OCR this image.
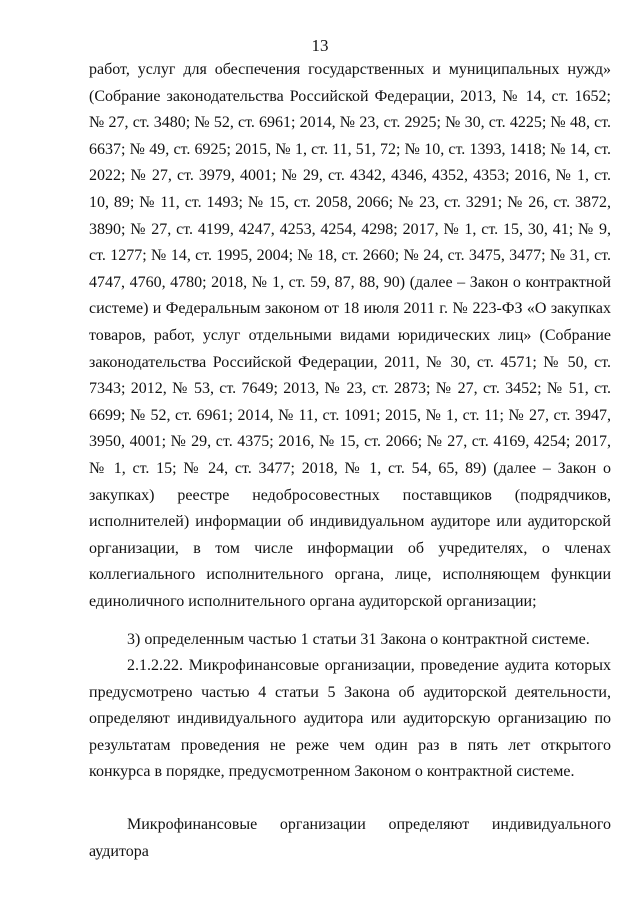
13

работ, услуг для обеспечения государственных и муниципальных нужд» (Собрание законодательства Российской Федерации, 2013, № 14, ст. 1652; № 27, ст. 3480; № 52, ст. 6961; 2014, № 23, ст. 2925; № 30, ст. 4225; № 48, ст. 6637; № 49, ст. 6925; 2015, № 1, ст. 11, 51, 72; № 10, ст. 1393, 1418; № 14, ст. 2022; № 27, ст. 3979, 4001; № 29, ст. 4342, 4346, 4352, 4353; 2016, № 1, ст. 10, 89; № 11, ст. 1493; № 15, ст. 2058, 2066; № 23, ст. 3291; № 26, ст. 3872, 3890; № 27, ст. 4199, 4247, 4253, 4254, 4298; 2017, № 1, ст. 15, 30, 41; № 9, ст. 1277; № 14, ст. 1995, 2004; № 18, ст. 2660; № 24, ст. 3475, 3477; № 31, ст. 4747, 4760, 4780; 2018, № 1, ст. 59, 87, 88, 90) (далее – Закон о контрактной системе) и Федеральным законом от 18 июля 2011 г. № 223-ФЗ «О закупках товаров, работ, услуг отдельными видами юридических лиц» (Собрание законодательства Российской Федерации, 2011, № 30, ст. 4571; № 50, ст. 7343; 2012, № 53, ст. 7649; 2013, № 23, ст. 2873; № 27, ст. 3452; № 51, ст. 6699; № 52, ст. 6961; 2014, № 11, ст. 1091; 2015, № 1, ст. 11; № 27, ст. 3947, 3950, 4001; № 29, ст. 4375; 2016, № 15, ст. 2066; № 27, ст. 4169, 4254; 2017, № 1, ст. 15; № 24, ст. 3477; 2018, № 1, ст. 54, 65, 89) (далее – Закон о закупках) реестре недобросовестных поставщиков (подрядчиков, исполнителей) информации об индивидуальном аудиторе или аудиторской организации, в том числе информации об учредителях, о членах коллегиального исполнительного органа, лице, исполняющем функции единоличного исполнительного органа аудиторской организации;

3) определенным частью 1 статьи 31 Закона о контрактной системе.

2.1.2.22. Микрофинансовые организации, проведение аудита которых предусмотрено частью 4 статьи 5 Закона об аудиторской деятельности, определяют индивидуального аудитора или аудиторскую организацию по результатам проведения не реже чем один раз в пять лет открытого конкурса в порядке, предусмотренном Законом о контрактной системе.

Микрофинансовые организации определяют индивидуального аудитора
